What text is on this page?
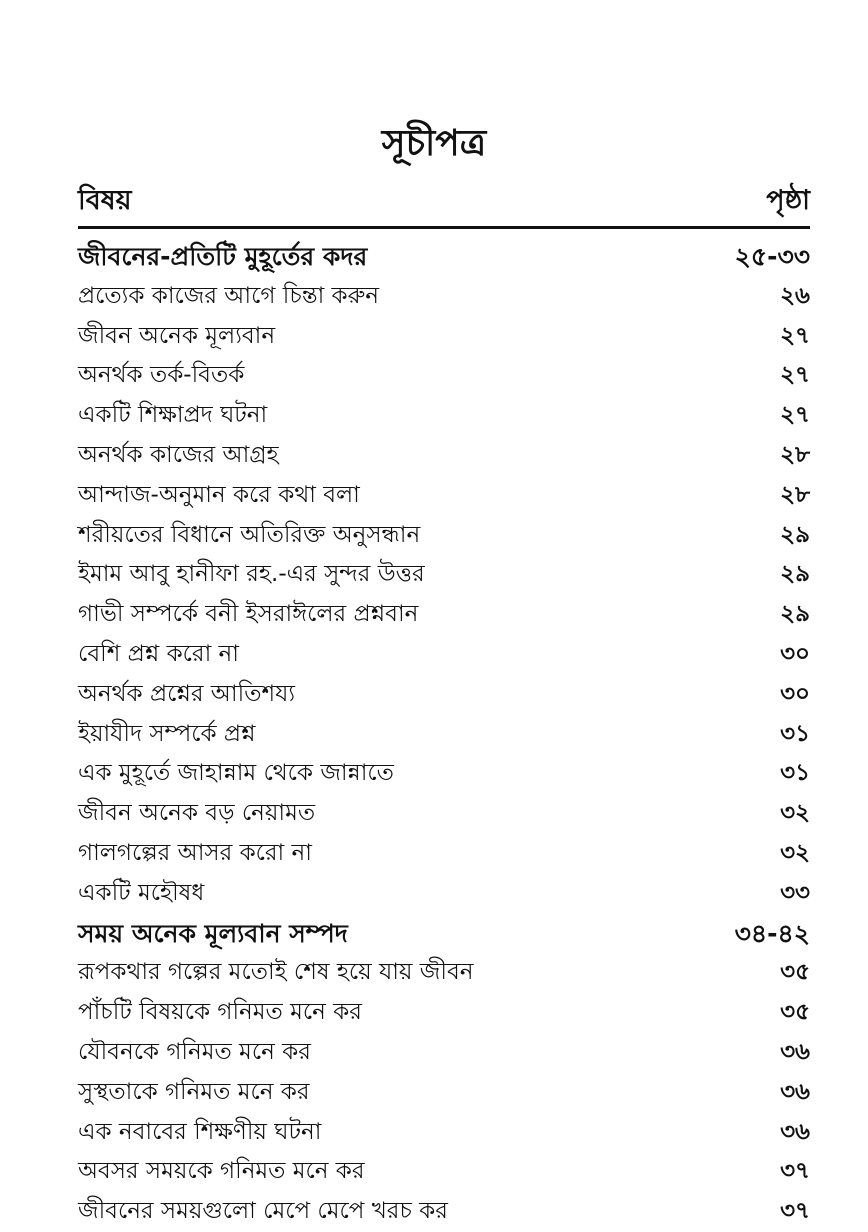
সূচীপত্র
বিষয়	পৃষ্ঠা
জীবনের-প্রতিটি মুহূর্তের কদর	২৫-৩৩
প্রত্যেক কাজের আগে চিন্তা করুন	২৬
জীবন অনেক মূল্যবান	২৭
অনর্থক তর্ক-বিতর্ক	২৭
একটি শিক্ষাপ্রদ ঘটনা	২৭
অনর্থক কাজের আগ্রহ	২৮
আন্দাজ-অনুমান করে কথা বলা	২৮
শরীয়তের বিধানে অতিরিক্ত অনুসন্ধান	২৯
ইমাম আবু হানীফা রহ.-এর সুন্দর উত্তর	২৯
গাভী সম্পর্কে বনী ইসরাঈলের প্রশ্নবান	২৯
বেশি প্রশ্ন করো না	৩০
অনর্থক প্রশ্নের আতিশয্য	৩০
ইয়াযীদ সম্পর্কে প্রশ্ন	৩১
এক মুহূর্তে জাহান্নাম থেকে জান্নাতে	৩১
জীবন অনেক বড় নেয়ামত	৩২
গালগল্পের আসর করো না	৩২
একটি মহৌষধ	৩৩
সময় অনেক মূল্যবান সম্পদ	৩৪-৪২
রূপকথার গল্পের মতোই শেষ হয়ে যায় জীবন	৩৫
পাঁচটি বিষয়কে গনিমত মনে কর	৩৫
যৌবনকে গনিমত মনে কর	৩৬
সুস্থতাকে গনিমত মনে কর	৩৬
এক নবাবের শিক্ষণীয় ঘটনা	৩৬
অবসর সময়কে গনিমত মনে কর	৩৭
জীবনের সময়গুলো মেপে মেপে খরচ কর	৩৭
